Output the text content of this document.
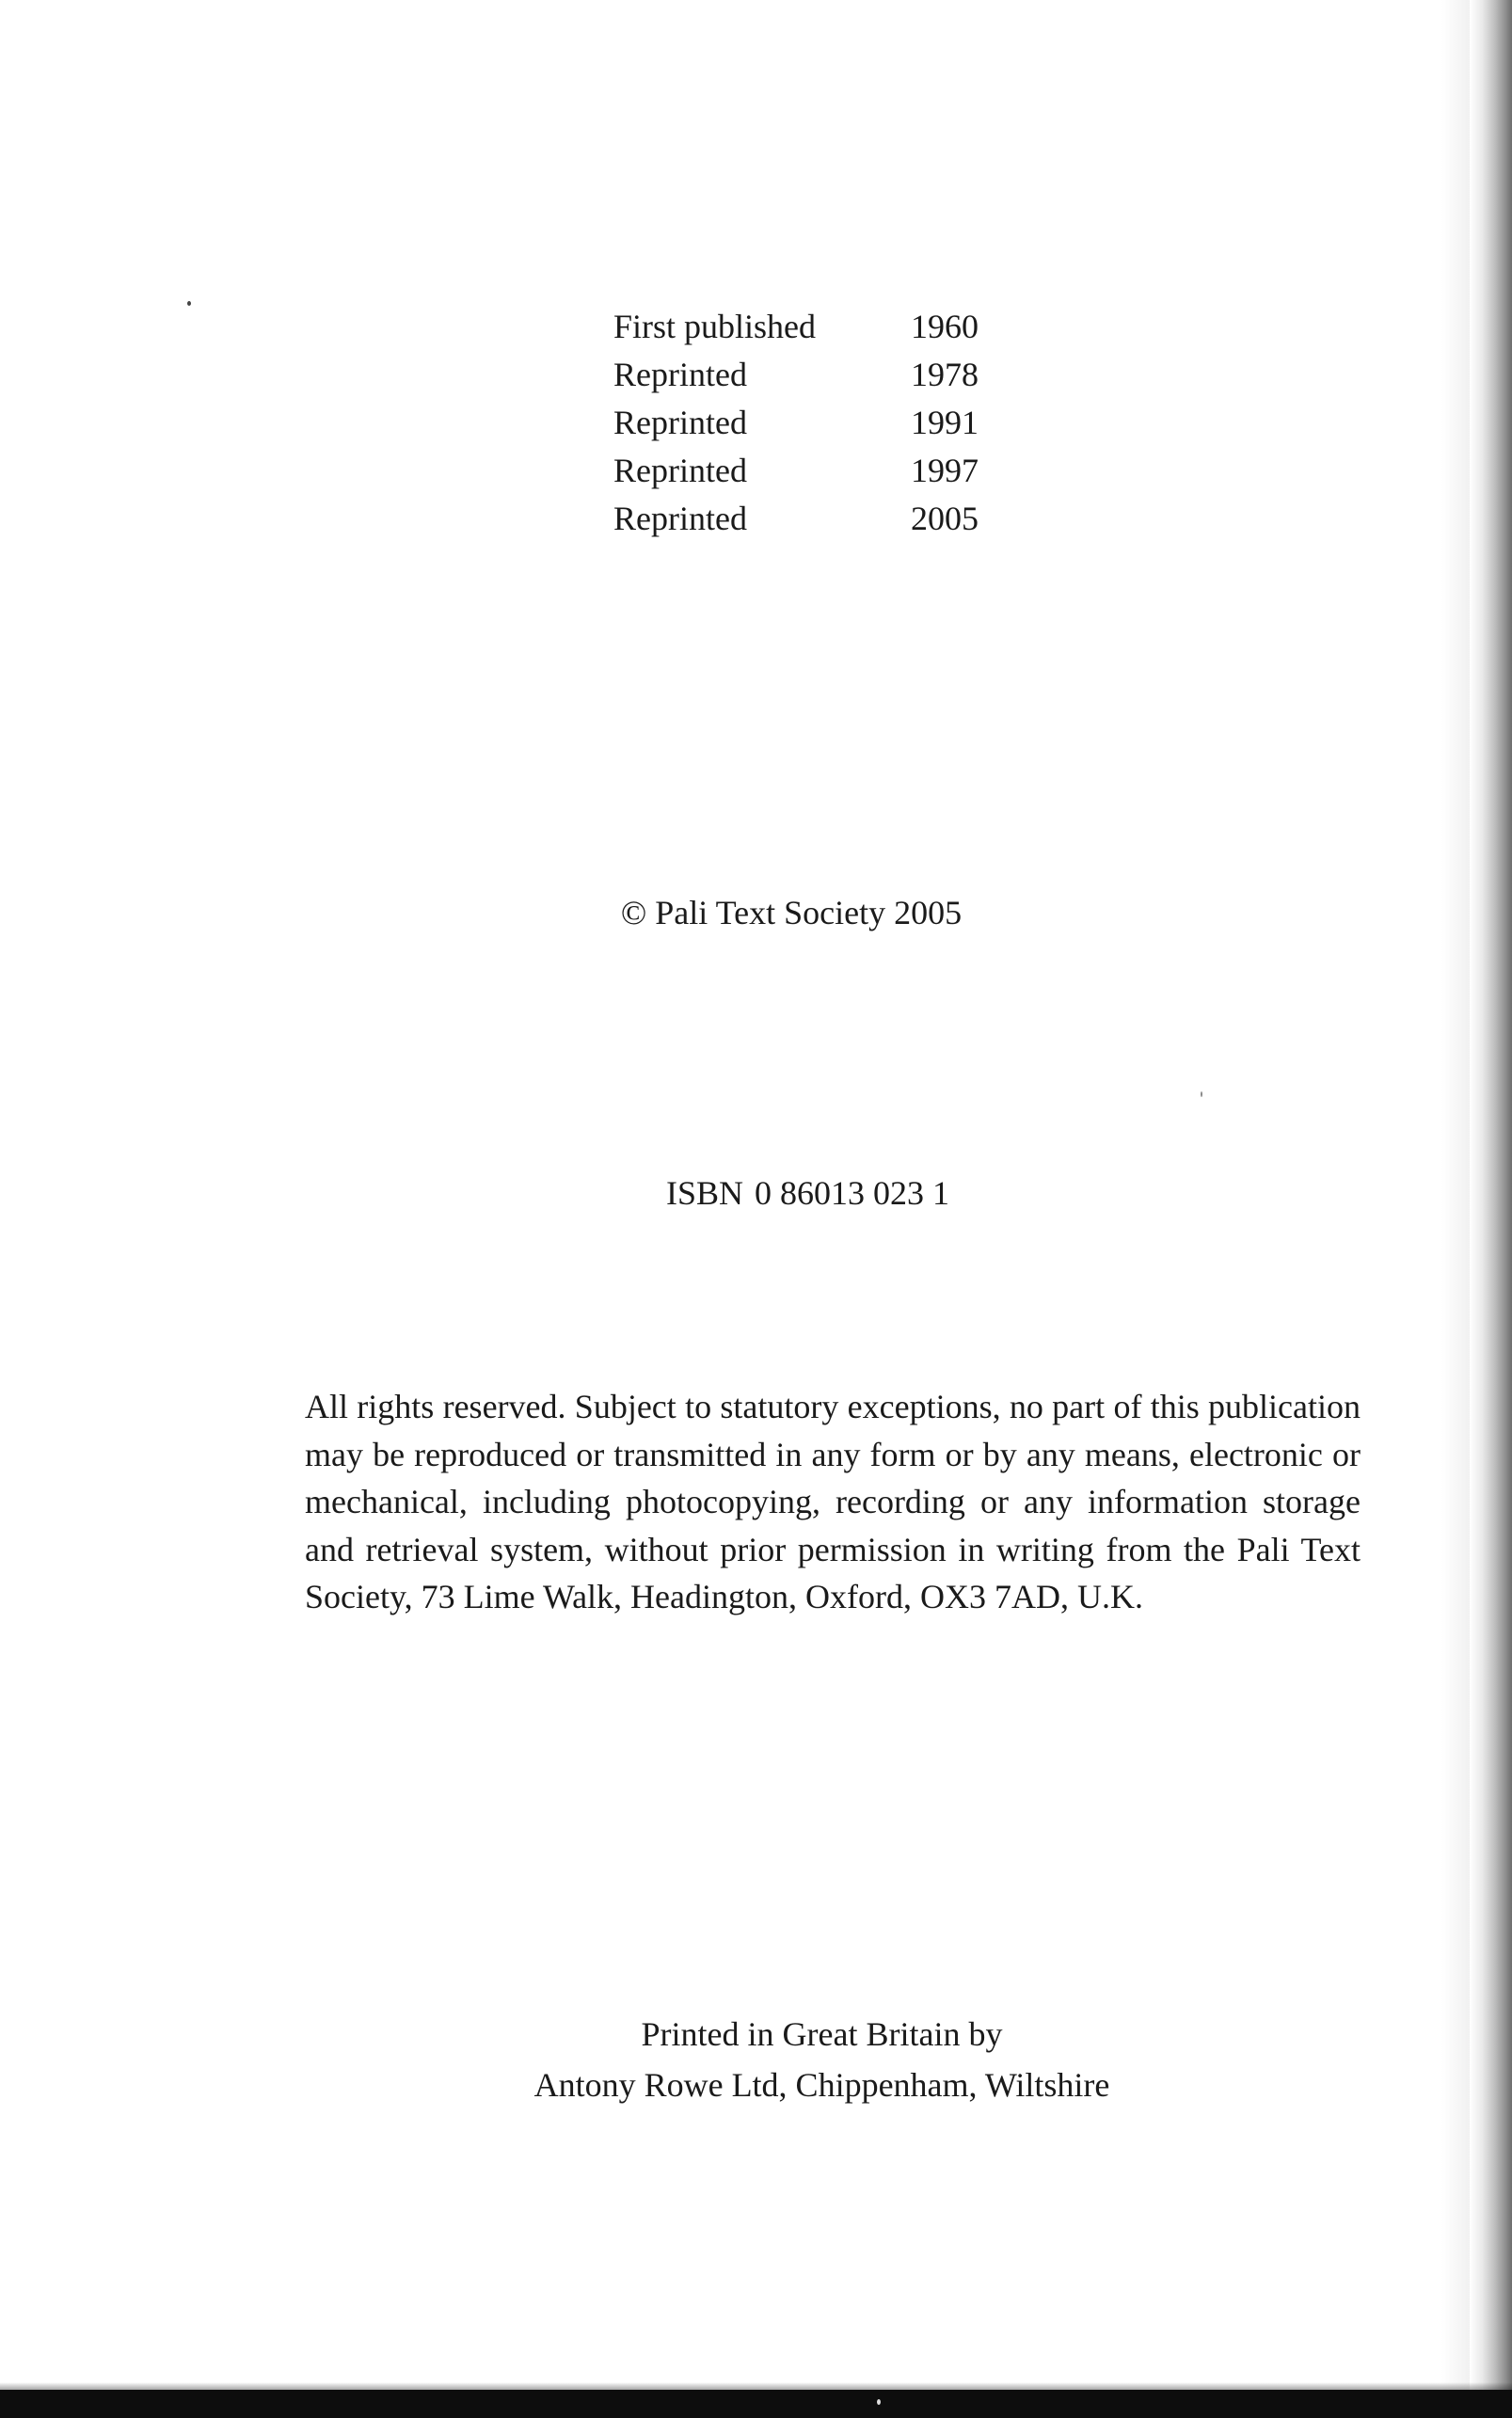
First published	1960
Reprinted	1978
Reprinted	1991
Reprinted	1997
Reprinted	2005
© Pali Text Society 2005
ISBN 0 86013 023 1
All rights reserved. Subject to statutory exceptions, no part of this publication may be reproduced or transmitted in any form or by any means, electronic or mechanical, including photocopying, recording or any information storage and retrieval system, without prior permission in writing from the Pali Text Society, 73 Lime Walk, Headington, Oxford, OX3 7AD, U.K.
Printed in Great Britain by
Antony Rowe Ltd, Chippenham, Wiltshire
